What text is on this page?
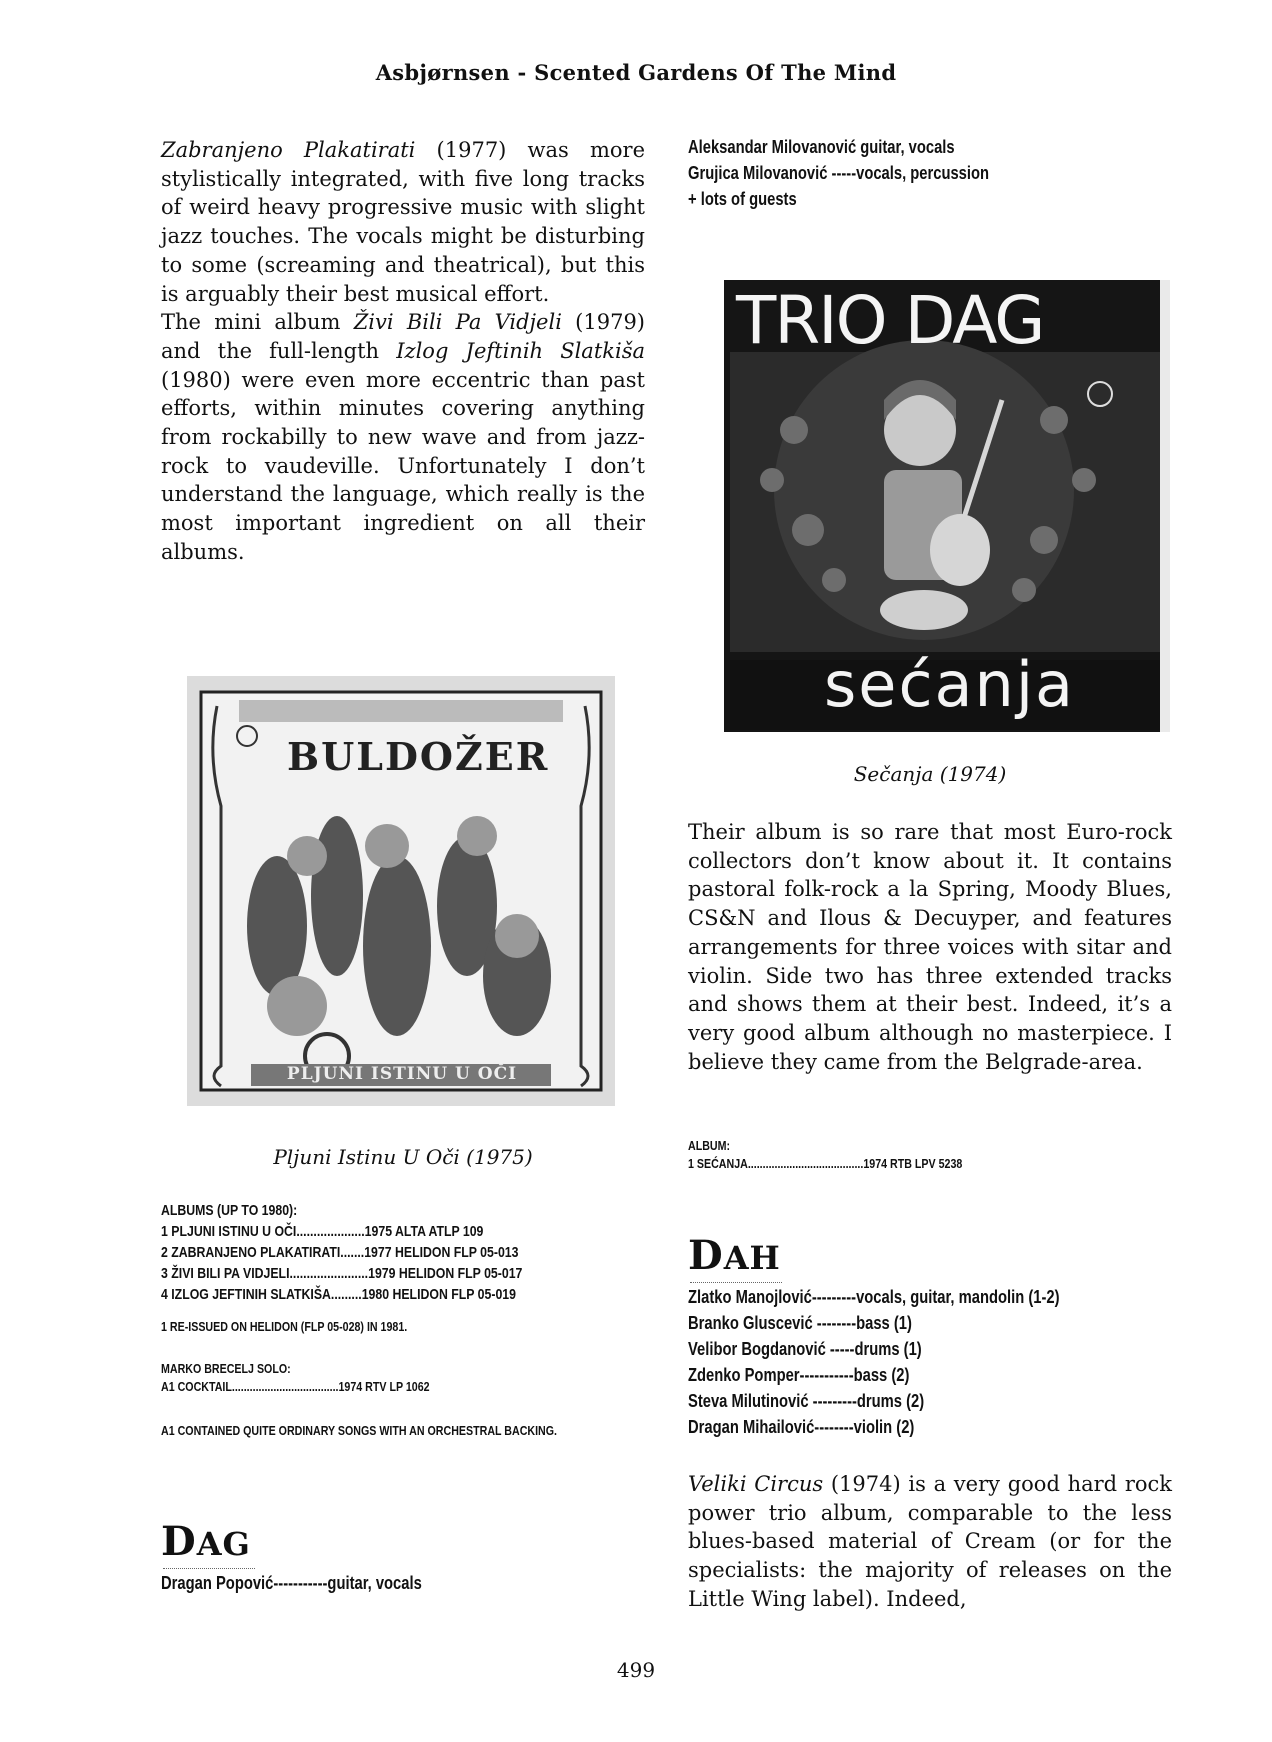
Asbjørnsen - Scented Gardens Of The Mind

Zabranjeno Plakatirati (1977) was more stylistically integrated, with five long tracks of weird heavy progressive music with slight jazz touches. The vocals might be disturbing to some (screaming and theatrical), but this is arguably their best musical effort.

The mini album Živi Bili Pa Vidjeli (1979) and the full-length Izlog Jeftinih Slatkiša (1980) were even more eccentric than past efforts, within minutes covering anything from rockabilly to new wave and from jazz-rock to vaudeville. Unfortunately I don’t understand the language, which really is the most important ingredient on all their albums.

BULDOŽER
PLJUNI ISTINU U OČI
Pljuni Istinu U Oči (1975)
ALBUMS (UP TO 1980):
1 PLJUNI ISTINU U OČI .................... 1975 ALTA ATLP 109
2 ZABRANJENO PLAKATIRATI ....... 1977 HELIDON FLP 05-013
3 ŽIVI BILI PA VIDJELI ....................... 1979 HELIDON FLP 05-017
4 IZLOG JEFTINIH SLATKIŠA ......... 1980 HELIDON FLP 05-019
1 RE-ISSUED ON HELIDON (FLP 05-028) IN 1981.
MARKO BRECELJ SOLO:
A1 COCKTAIL .................................... 1974 RTV LP 1062
A1 CONTAINED QUITE ORDINARY SONGS WITH AN ORCHESTRAL BACKING.
DAG
Dragan Popović-----------guitar, vocals
Aleksandar Milovanović guitar, vocals
Grujica Milovanović -----vocals, percussion
+ lots of guests
TRIO DAG
sećanja
Sečanja (1974)
Their album is so rare that most Euro-rock collectors don’t know about it. It contains pastoral folk-rock a la Spring, Moody Blues, CS&N and Ilous & Decuyper, and features arrangements for three voices with sitar and violin. Side two has three extended tracks and shows them at their best. Indeed, it’s a very good album although no masterpiece. I believe they came from the Belgrade-area.
ALBUM:
1 SEĆANJA ....................................... 1974 RTB LPV 5238
DAH
Zlatko Manojlović---------vocals, guitar, mandolin (1-2)
Branko Gluscević --------bass (1)
Velibor Bogdanović -----drums (1)
Zdenko Pomper-----------bass (2)
Steva Milutinović ---------drums (2)
Dragan Mihailović--------violin (2)
Veliki Circus (1974) is a very good hard rock power trio album, comparable to the less blues-based material of Cream (or for the specialists: the majority of releases on the Little Wing label). Indeed,
499
